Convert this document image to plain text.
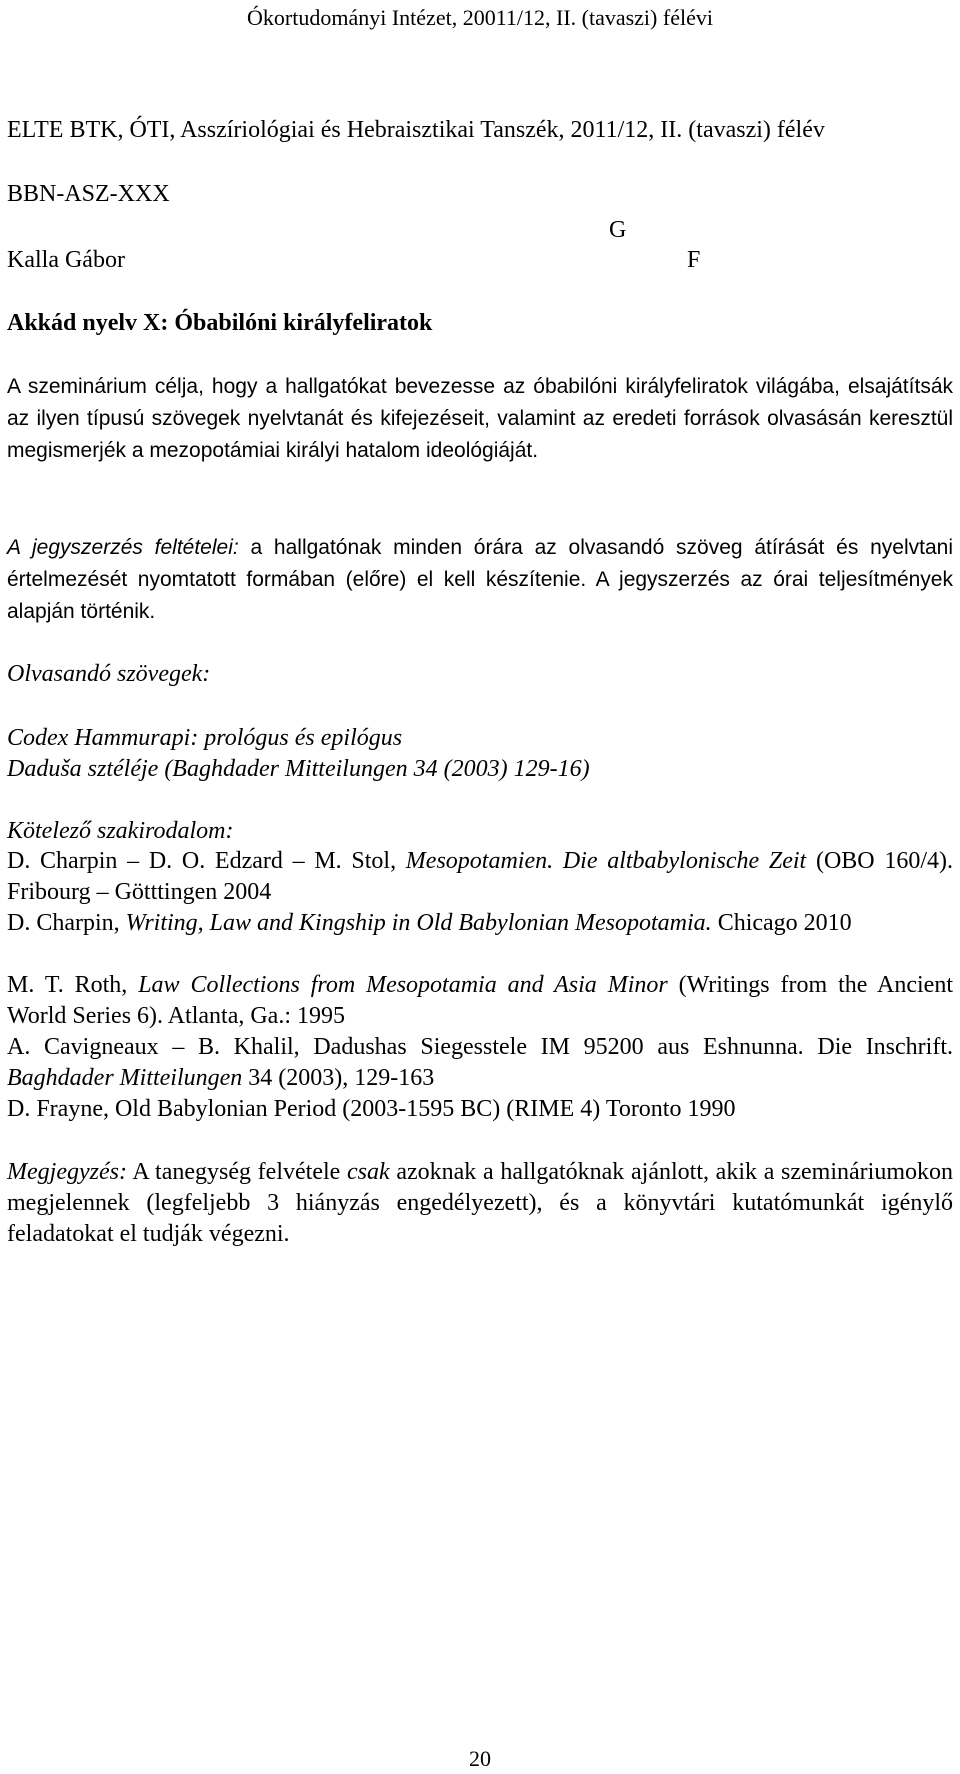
Ókortudományi Intézet, 20011/12, II. (tavaszi) félévi
ELTE BTK, ÓTI, Asszíriológiai és Hebraisztikai Tanszék, 2011/12, II. (tavaszi) félév
BBN-ASZ-XXX
G
Kalla Gábor	F
Akkád nyelv X: Óbabilóni királyfeliratok

A szeminárium célja, hogy a hallgatókat bevezesse az óbabilóni királyfeliratok világába, elsajátítsák az ilyen típusú szövegek nyelvtanát és kifejezéseit, valamint az eredeti források olvasásán keresztül megismerjék a mezopotámiai királyi hatalom ideológiáját.

A jegyszerzés feltételei: a hallgatónak minden órára az olvasandó szöveg átírását és nyelvtani értelmezését nyomtatott formában (előre) el kell készítenie. A jegyszerzés az órai teljesítmények alapján történik.

Olvasandó szövegek:
Codex Hammurapi: prológus és epilógus
Daduša sztéléje (Baghdader Mitteilungen 34 (2003) 129-16)
Kötelező szakirodalom:

D. Charpin – D. O. Edzard – M. Stol, Mesopotamien. Die altbabylonische Zeit (OBO 160/4). Fribourg – Götttingen 2004

D. Charpin, Writing, Law and Kingship in Old Babylonian Mesopotamia. Chicago 2010

M. T. Roth, Law Collections from Mesopotamia and Asia Minor (Writings from the Ancient World Series 6). Atlanta, Ga.: 1995

A. Cavigneaux – B. Khalil, Dadushas Siegesstele IM 95200 aus Eshnunna. Die Inschrift. Baghdader Mitteilungen 34 (2003), 129-163

D. Frayne, Old Babylonian Period (2003-1595 BC) (RIME 4) Toronto 1990

Megjegyzés: A tanegység felvétele csak azoknak a hallgatóknak ajánlott, akik a szemináriumokon megjelennek (legfeljebb 3 hiányzás engedélyezett), és a könyvtári kutatómunkát igénylő feladatokat el tudják végezni.

20
